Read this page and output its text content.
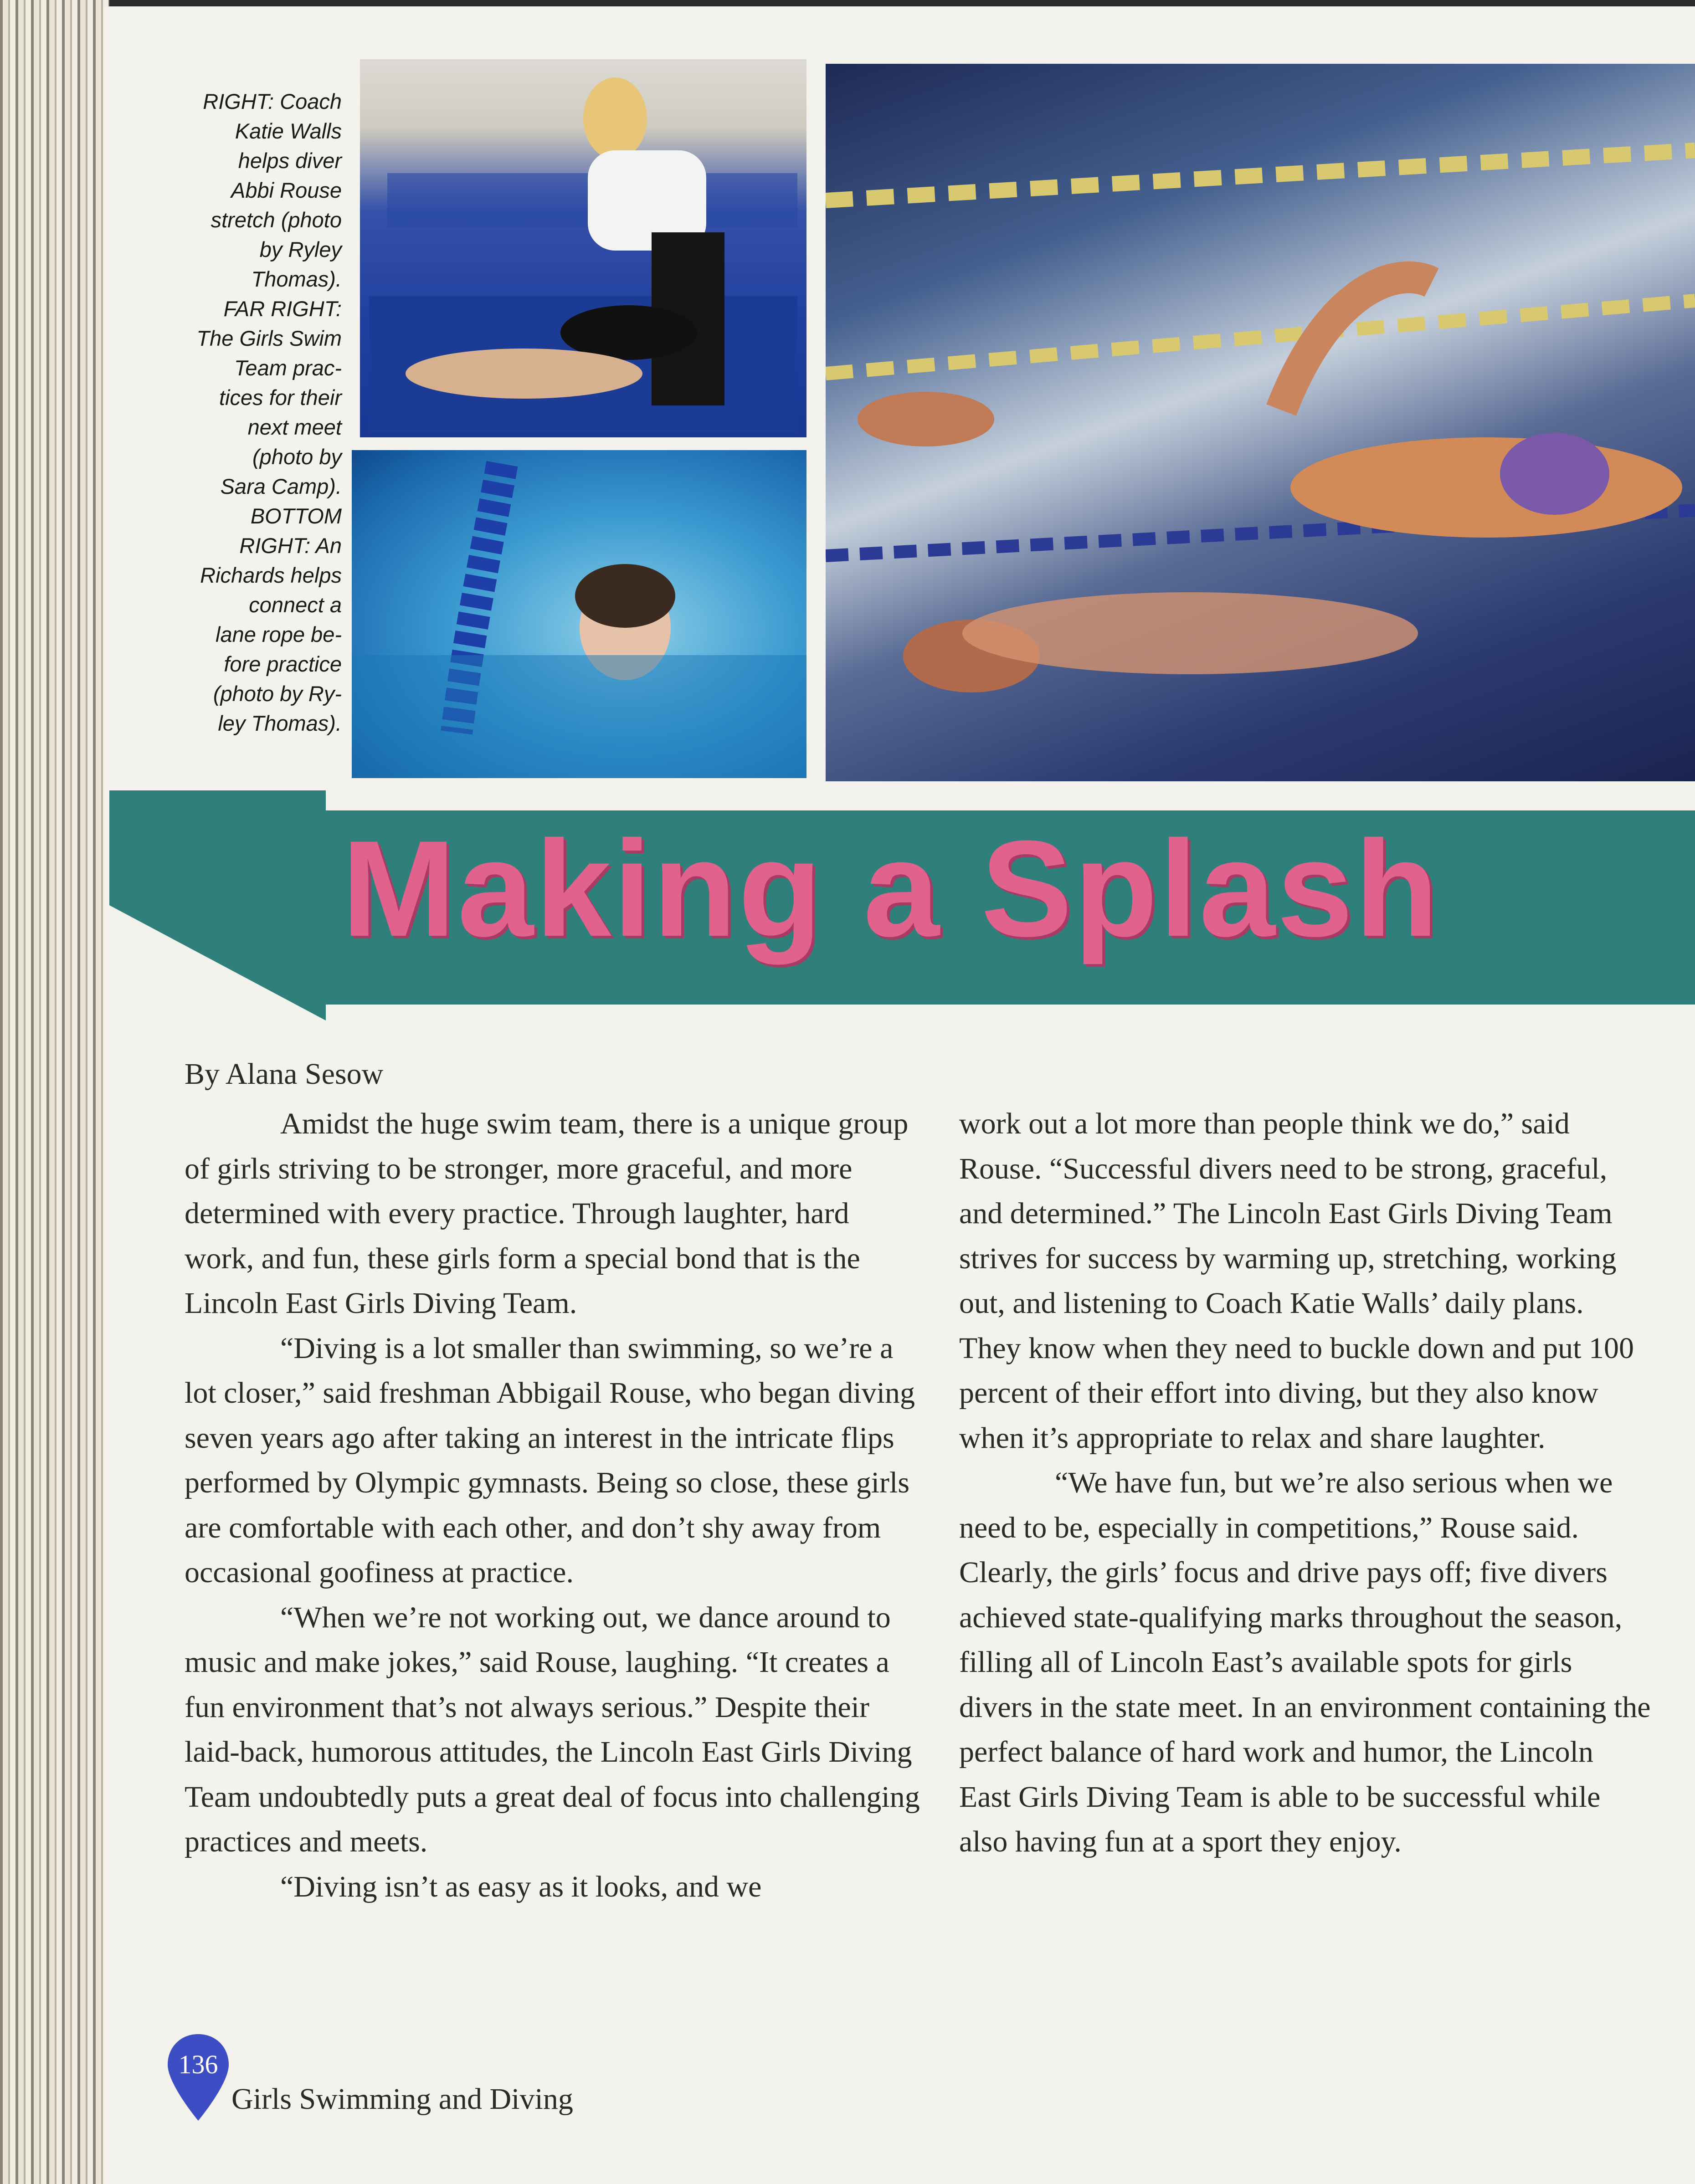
RIGHT: Coach
Katie Walls
helps diver
Abbi Rouse
stretch (photo
by Ryley
Thomas).
FAR RIGHT:
The Girls Swim
Team prac-
tices for their
next meet
(photo by
Sara Camp).
BOTTOM
RIGHT: An
Richards helps
connect a
lane rope be-
fore practice
(photo by Ry-
ley Thomas).
Making a Splash
By Alana Sesow

Amidst the huge swim team, there is a unique group of girls striving to be stronger, more graceful, and more determined with every practice. Through laughter, hard work, and fun, these girls form a special bond that is the Lincoln East Girls Diving Team.

“Diving is a lot smaller than swimming, so we’re a lot closer,” said freshman Abbigail Rouse, who began diving seven years ago after taking an interest in the intricate flips performed by Olympic gymnasts. Being so close, these girls are comfortable with each other, and don’t shy away from occasional goofiness at practice.

“When we’re not working out, we dance around to music and make jokes,” said Rouse, laughing. “It creates a fun environment that’s not always serious.” Despite their laid-back, humorous attitudes, the Lincoln East Girls Diving Team undoubtedly puts a great deal of focus into challenging practices and meets.

“Diving isn’t as easy as it looks, and we

work out a lot more than people think we do,” said Rouse. “Successful divers need to be strong, graceful, and determined.” The Lincoln East Girls Diving Team strives for success by warming up, stretching, working out, and listening to Coach Katie Walls’ daily plans. They know when they need to buckle down and put 100 percent of their effort into diving, but they also know when it’s appropriate to relax and share laughter.

“We have fun, but we’re also serious when we need to be, especially in competitions,” Rouse said. Clearly, the girls’ focus and drive pays off; five divers achieved state-qualifying marks throughout the season, filling all of Lincoln East’s available spots for girls divers in the state meet. In an environment containing the perfect balance of hard work and humor, the Lincoln East Girls Diving Team is able to be successful while also having fun at a sport they enjoy.

136
Girls Swimming and Diving
